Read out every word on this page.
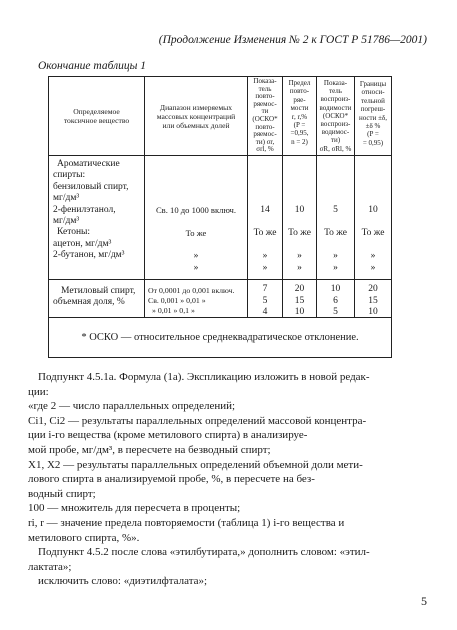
(Продолжение Изменения № 2 к ГОСТ Р 51786—2001)
Окончание таблицы 1
Определяемое
токсичное вещество
Диапазон измеряемых
массовых концентраций
или объемных долей
Показа-
тель
повто-
ряемос-
ти
(ОСКО*
повто-
ряемос-
ти) σr,
σrl, %
Предел
повто-
ряе-
мости
r, r,%
(P =
=0,95,
n = 2)
Показа-
тель
воспроиз-
водимости
(ОСКО*
воспроиз-
водимос-
ти)
σR, σRl, %
Границы
относи-
тельной
погреш-
ности ±δ,
±δ %
(P =
= 0,95)
Ароматические
спирты:
бензиловый спирт,
мг/дм³
2-фенилэтанол,
мг/дм³
Кетоны:
ацетон, мг/дм³
2-бутанон, мг/дм³
Св. 10 до 1000 включ.
То же
»
»
14
То же
»
»
10
То же
»
»
5
То же
»
»
10
То же
»
»
Метиловый спирт,
объемная доля, %
От 0,0001 до 0,001 включ.
Св. 0,001 » 0,01 »
» 0,01 » 0,1 »
7
5
4
20
15
10
10
6
5
20
15
10
* ОСКО — относительное среднеквадратическое отклонение.
Подпункт 4.5.1а. Формула (1а). Экспликацию изложить в новой редак-
ции:
«где 2 — число параллельных определений;
Ci1, Ci2 — результаты параллельных определений массовой концентра-
ции i-го вещества (кроме метилового спирта) в анализируе-
мой пробе, мг/дм³, в пересчете на безводный спирт;
X1, X2 — результаты параллельных определений объемной доли мети-
лового спирта в анализируемой пробе, %, в пересчете на без-
водный спирт;
100 — множитель для пересчета в проценты;
ri, r — значение предела повторяемости (таблица 1) i-го вещества и
метилового спирта, %».
Подпункт 4.5.2 после слова «этилбутирата,» дополнить словом: «этил-
лактата»;
исключить слово: «диэтилфталата»;
5
